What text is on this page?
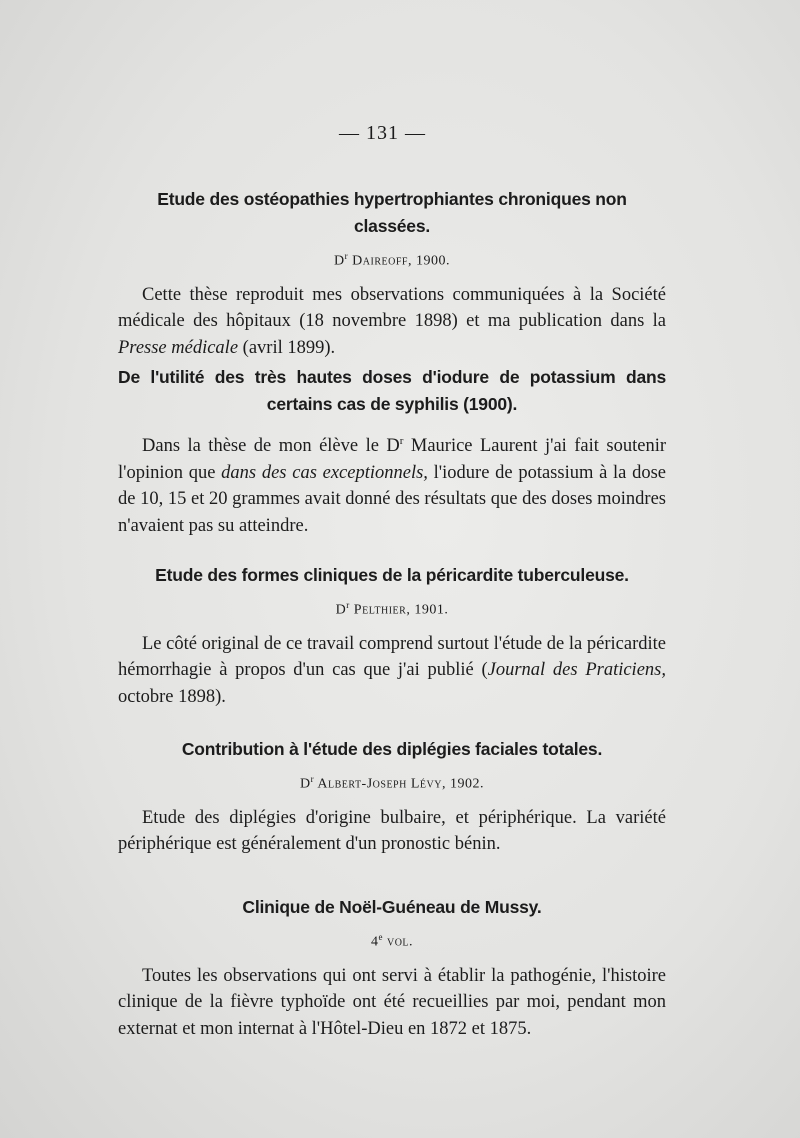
— 131 —
Etude des ostéopathies hypertrophiantes chroniques non classées.
$D^r$ Daireoff, 1900.

Cette thèse reproduit mes observations communiquées à la Société médicale des hôpitaux (18 novembre 1898) et ma publication dans la Presse médicale (avril 1899).

De l'utilité des très hautes doses d'iodure de potassium dans certains cas de syphilis (1900).

Dans la thèse de mon élève le $D^r$ Maurice Laurent j'ai fait soutenir l'opinion que dans des cas exceptionnels, l'iodure de potassium à la dose de 10, 15 et 20 grammes avait donné des résultats que des doses moindres n'avaient pas su atteindre.

Etude des formes cliniques de la péricardite tuberculeuse.
$D^r$ Pelthier, 1901.

Le côté original de ce travail comprend surtout l'étude de la péricardite hémorrhagie à propos d'un cas que j'ai publié (Journal des Praticiens, octobre 1898).

Contribution à l'étude des diplégies faciales totales.
$D^r$ Albert-Joseph Lévy, 1902.

Etude des diplégies d'origine bulbaire, et périphérique. La variété périphérique est généralement d'un pronostic bénin.

Clinique de Noël-Guéneau de Mussy.
4e vol.

Toutes les observations qui ont servi à établir la pathogénie, l'histoire clinique de la fièvre typhoïde ont été recueillies par moi, pendant mon externat et mon internat à l'Hôtel-Dieu en 1872 et 1875.
